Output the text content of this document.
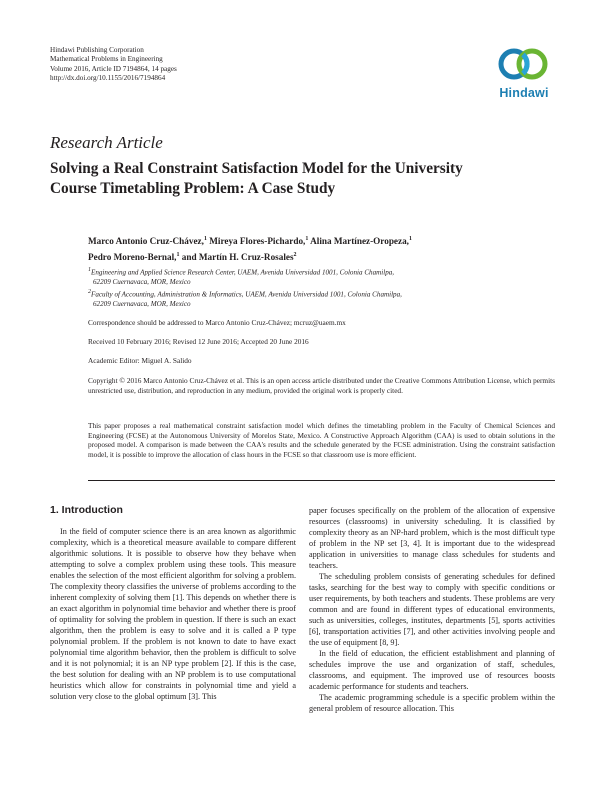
Hindawi Publishing Corporation
Mathematical Problems in Engineering
Volume 2016, Article ID 7194864, 14 pages
http://dx.doi.org/10.1155/2016/7194864
Hindawi
Research Article
Solving a Real Constraint Satisfaction Model for the University
Course Timetabling Problem: A Case Study
Marco Antonio Cruz-Chávez,$^1$ Mireya Flores-Pichardo,$^1$ Alina Martínez-Oropeza,$^1$
Pedro Moreno-Bernal,$^1$ and Martín H. Cruz-Rosales$^2$
$^1$Engineering and Applied Science Research Center, UAEM, Avenida Universidad 1001, Colonia Chamilpa,
62209 Cuernavaca, MOR, Mexico
$^2$Faculty of Accounting, Administration & Informatics, UAEM, Avenida Universidad 1001, Colonia Chamilpa,
62209 Cuernavaca, MOR, Mexico
Correspondence should be addressed to Marco Antonio Cruz-Chávez; mcruz@uaem.mx
Received 10 February 2016; Revised 12 June 2016; Accepted 20 June 2016
Academic Editor: Miguel A. Salido
Copyright © 2016 Marco Antonio Cruz-Chávez et al. This is an open access article distributed under the Creative Commons Attribution License, which permits unrestricted use, distribution, and reproduction in any medium, provided the original work is properly cited.
This paper proposes a real mathematical constraint satisfaction model which defines the timetabling problem in the Faculty of Chemical Sciences and Engineering (FCSE) at the Autonomous University of Morelos State, Mexico. A Constructive Approach Algorithm (CAA) is used to obtain solutions in the proposed model. A comparison is made between the CAA's results and the schedule generated by the FCSE administration. Using the constraint satisfaction model, it is possible to improve the allocation of class hours in the FCSE so that classroom use is more efficient.
1. Introduction

In the field of computer science there is an area known as algorithmic complexity, which is a theoretical measure available to compare different algorithmic solutions. It is possible to observe how they behave when attempting to solve a complex problem using these tools. This measure enables the selection of the most efficient algorithm for solving a problem. The complexity theory classifies the universe of problems according to the inherent complexity of solving them [1]. This depends on whether there is an exact algorithm in polynomial time behavior and whether there is proof of optimality for solving the problem in question. If there is such an exact algorithm, then the problem is easy to solve and it is called a P type polynomial problem. If the problem is not known to date to have exact polynomial time algorithm behavior, then the problem is difficult to solve and it is not polynomial; it is an NP type problem [2]. If this is the case, the best solution for dealing with an NP problem is to use computational heuristics which allow for constraints in polynomial time and yield a solution very close to the global optimum [3]. This

paper focuses specifically on the problem of the allocation of expensive resources (classrooms) in university scheduling. It is classified by complexity theory as an NP-hard problem, which is the most difficult type of problem in the NP set [3, 4]. It is important due to the widespread application in universities to manage class schedules for students and teachers.

The scheduling problem consists of generating schedules for defined tasks, searching for the best way to comply with specific conditions or user requirements, by both teachers and students. These problems are very common and are found in different types of educational environments, such as universities, colleges, institutes, departments [5], sports activities [6], transportation activities [7], and other activities involving people and the use of equipment [8, 9].

In the field of education, the efficient establishment and planning of schedules improve the use and organization of staff, schedules, classrooms, and equipment. The improved use of resources boosts academic performance for students and teachers.

The academic programming schedule is a specific problem within the general problem of resource allocation. This
